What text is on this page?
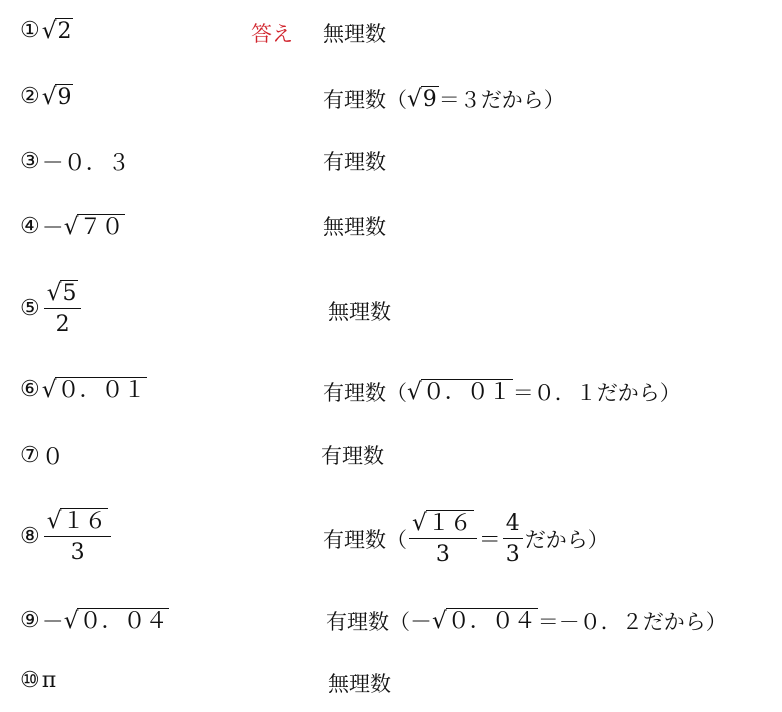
① √ 2	答え 無理数
② √ 9	有理数 （ √ 9 ＝３だから ）
③ －０．３	有理数
④ － √ ７０	無理数
⑤ $\frac{√ 5}{2}$	無理数
⑥ √ ０．０１	有理数 （ √ ０．０１ ＝０．１だから ）
⑦ ０	有理数
⑧ $\frac{√ 16}{3}$	有理数 （ $\frac{√ 16}{3} = \frac{4}{3}$ だから ）
⑨ － √ ０．０４	有理数 （ － √ ０．０４ ＝－０．２だから ）
⑩ π	無理数
